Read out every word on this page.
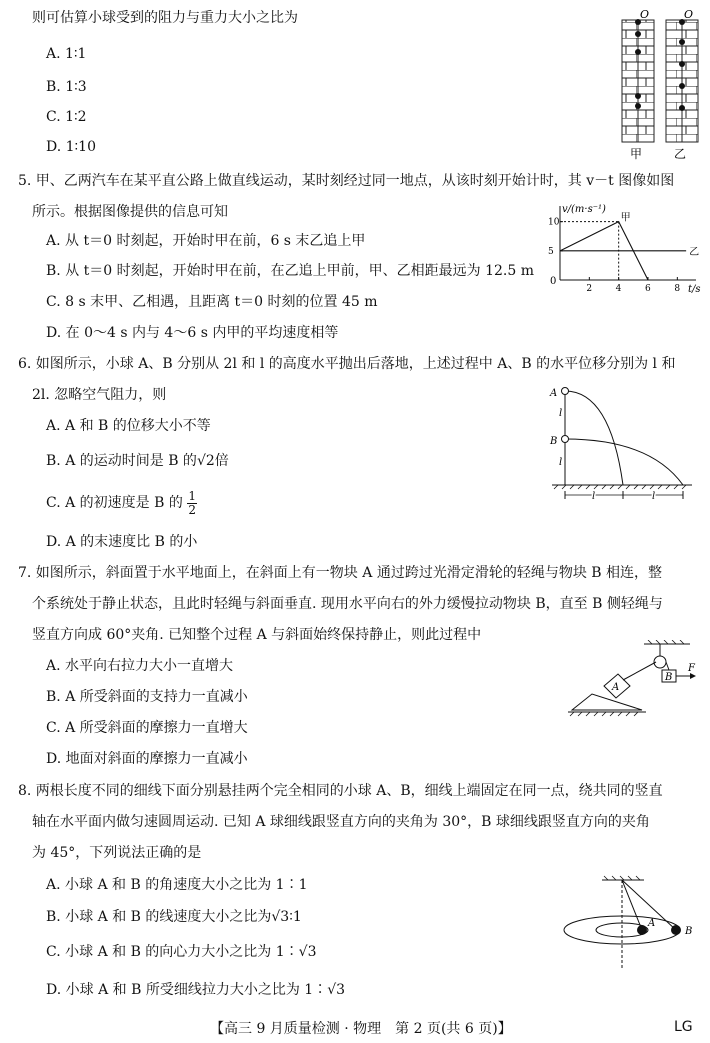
则可估算小球受到的阻力与重力大小之比为
A. 1∶1
B. 1∶3
C. 1∶2
D. 1∶10
O	O
甲	乙
5. 甲、乙两汽车在某平直公路上做直线运动，某时刻经过同一地点，从该时刻开始计时，其 v－t 图像如图
所示。根据图像提供的信息可知
A. 从 t＝0 时刻起，开始时甲在前，6 s 末乙追上甲
B. 从 t＝0 时刻起，开始时甲在前，在乙追上甲前，甲、乙相距最远为 12.5 m
C. 8 s 末甲、乙相遇，且距离 t＝0 时刻的位置 45 m
D. 在 0～4 s 内与 4～6 s 内甲的平均速度相等
v/(m·s⁻¹)
t/s
0
2	4	6	8
5
10	甲
乙
6. 如图所示，小球 A、B 分别从 2l 和 l 的高度水平抛出后落地，上述过程中 A、B 的水平位移分别为 l 和
2l. 忽略空气阻力，则
A. A 和 B 的位移大小不等
B. A 的运动时间是 B 的√2倍
C. A 的初速度是 B 的 $\frac{1}{2}$
D. A 的末速度比 B 的小
A
B
l
l
l	l
7. 如图所示，斜面置于水平地面上，在斜面上有一物块 A 通过跨过光滑定滑轮的轻绳与物块 B 相连，整
个系统处于静止状态，且此时轻绳与斜面垂直. 现用水平向右的外力缓慢拉动物块 B，直至 B 侧轻绳与
竖直方向成 60°夹角. 已知整个过程 A 与斜面始终保持静止，则此过程中
A. 水平向右拉力大小一直增大
B. A 所受斜面的支持力一直减小
C. A 所受斜面的摩擦力一直增大
D. 地面对斜面的摩擦力一直减小
A
B
F
8. 两根长度不同的细线下面分别悬挂两个完全相同的小球 A、B，细线上端固定在同一点，绕共同的竖直
轴在水平面内做匀速圆周运动. 已知 A 球细线跟竖直方向的夹角为 30°，B 球细线跟竖直方向的夹角
为 45°，下列说法正确的是
A. 小球 A 和 B 的角速度大小之比为 1∶1
B. 小球 A 和 B 的线速度大小之比为√3∶1
C. 小球 A 和 B 的向心力大小之比为 1∶√3
D. 小球 A 和 B 所受细线拉力大小之比为 1∶√3
A
B
【高三 9 月质量检测 · 物理　第 2 页(共 6 页)】	LG
